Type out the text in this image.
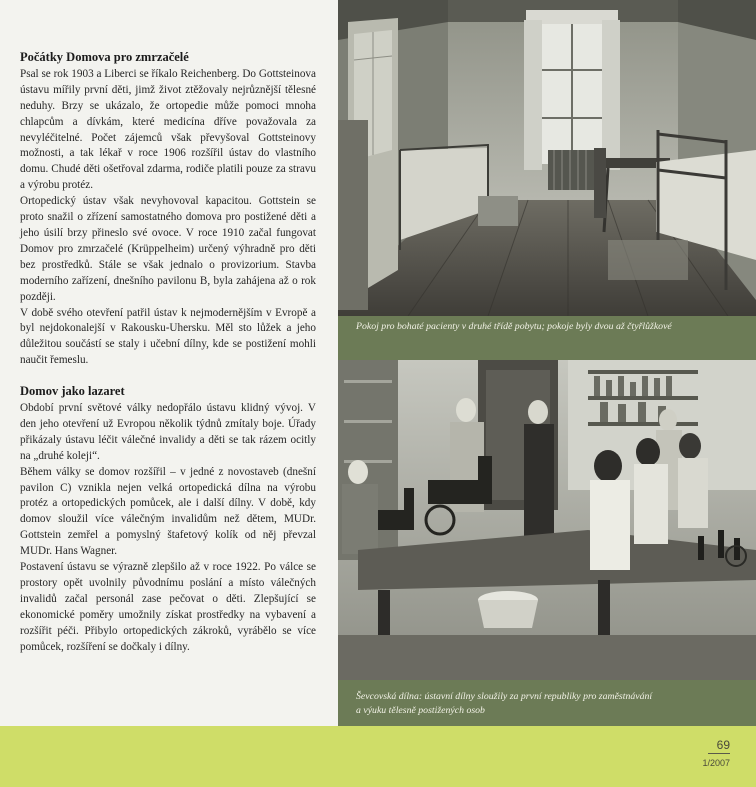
Počátky Domova pro zmrzačelé

Psal se rok 1903 a Liberci se říkalo Reichenberg. Do Gottsteinova ústavu mířily první děti, jimž život ztěžovaly nejrůznější tělesné neduhy. Brzy se ukázalo, že ortopedie může pomoci mnoha chlapcům a dívkám, které medicína dříve považovala za nevyléčitelné. Počet zájemců však převyšoval Gottsteinovy možnosti, a tak lékař v roce 1906 rozšířil ústav do vlastního domu. Chudé děti ošetřoval zdarma, rodiče platili pouze za stravu a výrobu protéz.

Ortopedický ústav však nevyhovoval kapacitou. Gottstein se proto snažil o zřízení samostatného domova pro postižené děti a jeho úsilí brzy přineslo své ovoce. V roce 1910 začal fungovat Domov pro zmrzačelé (Krüppelheim) určený výhradně pro děti bez prostředků. Stále se však jednalo o provizorium. Stavba moderního zařízení, dnešního pavilonu B, byla zahájena až o rok později.

V době svého otevření patřil ústav k nejmodernějším v Evropě a byl nejdokonalejší v Rakousku-Uhersku. Měl sto lůžek a jeho důležitou součástí se staly i učební dílny, kde se postižení mohli naučit řemeslu.

Domov jako lazaret

Období první světové války nedopřálo ústavu klidný vývoj. V den jeho otevření už Evropou několik týdnů zmítaly boje. Úřady přikázaly ústavu léčit válečné invalidy a děti se tak rázem ocitly na „druhé koleji“.

Během války se domov rozšířil – v jedné z novostaveb (dnešní pavilon C) vznikla nejen velká ortopedická dílna na výrobu protéz a ortopedických pomůcek, ale i další dílny. V době, kdy domov sloužil více válečným invalidům než dětem, MUDr. Gottstein zemřel a pomyslný štafetový kolík od něj převzal MUDr. Hans Wagner.

Postavení ústavu se výrazně zlepšilo až v roce 1922. Po válce se prostory opět uvolnily původnímu poslání a místo válečných invalidů začal personál zase pečovat o děti. Zlepšující se ekonomické poměry umožnily získat prostředky na vybavení a rozšířit péči. Přibylo ortopedických zákroků, vyrábělo se více pomůcek, rozšíření se dočkaly i dílny.

Pokoj pro bohaté pacienty v druhé třídě pobytu; pokoje byly dvou až čtyřlůžkové
Ševcovská dílna: ústavní dílny sloužily za první republiky pro zaměstnávání
a výuku tělesně postižených osob
69
1/2007
